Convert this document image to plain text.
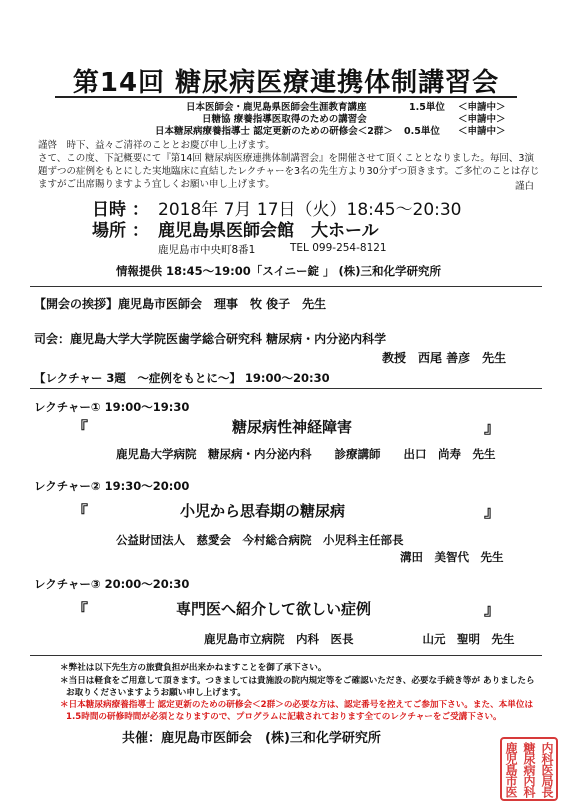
第14回 糖尿病医療連携体制講習会
日本医師会・鹿児島県医師会生涯教育講座	1.5単位 ＜申請中＞
日糖協 療養指導医取得のための講習会	＜申請中＞
日本糖尿病療養指導士 認定更新のための研修会＜2群＞ 0.5単位 ＜申請中＞
謹啓　時下、益々ご清祥のこととお慶び申し上げます。
さて、この度、下記概要にて『第14回 糖尿病医療連携体制講習会』を開催させて頂くこととなりました。毎回、3演題ずつの症例をもとにした実地臨床に直結したレクチャーを3名の先生方より30分ずつ頂きます。ご多忙のことは存じますがご出席賜りますよう宜しくお願い申し上げます。	謹白
日時 ： 2018年 7月 17日（火）18:45～20:30
場所 ： 鹿児島県医師会館　大ホール
鹿児島市中央町8番1	TEL 099-254-8121
情報提供 18:45～19:00「スイニー錠 」 (株)三和化学研究所
【開会の挨拶】鹿児島市医師会　理事　牧 俊子　先生
司会：鹿児島大学大学院医歯学総合研究科 糖尿病・内分泌内科学
教授　西尾 善彦　先生
【レクチャー 3題　～症例をもとに～】 19:00～20:30
レクチャー① 19:00～19:30
『	糖尿病性神経障害	』
鹿児島大学病院　糖尿病・内分泌内科　　診療講師　　出口　尚寿　先生
レクチャー② 19:30～20:00
『	小児から思春期の糖尿病	』
公益財団法人　慈愛会　今村総合病院　小児科主任部長
溝田　美智代　先生
レクチャー③ 20:00～20:30
『	専門医へ紹介して欲しい症例	』
鹿児島市立病院　内科　医長　　　　　　山元　聖明　先生
＊弊社は以下先生方の旅費負担が出来かねますことを御了承下さい。
＊当日は軽食をご用意して頂きます。つきましては貴施設の院内規定等をご確認いただき、必要な手続き等が ありましたら
お取りくださいますようお願い申し上げます。
＊日本糖尿病療養指導士 認定更新のための研修会＜2群＞の必要な方は、認定番号を控えてご参加下さい。また、本単位は
1.5時間の研修時間が必須となりますので、プログラムに記載されております全てのレクチャーをご受講下さい。
共催：鹿児島市医師会　(株)三和化学研究所
鹿児島市医 糖尿病内科 内科医局長
